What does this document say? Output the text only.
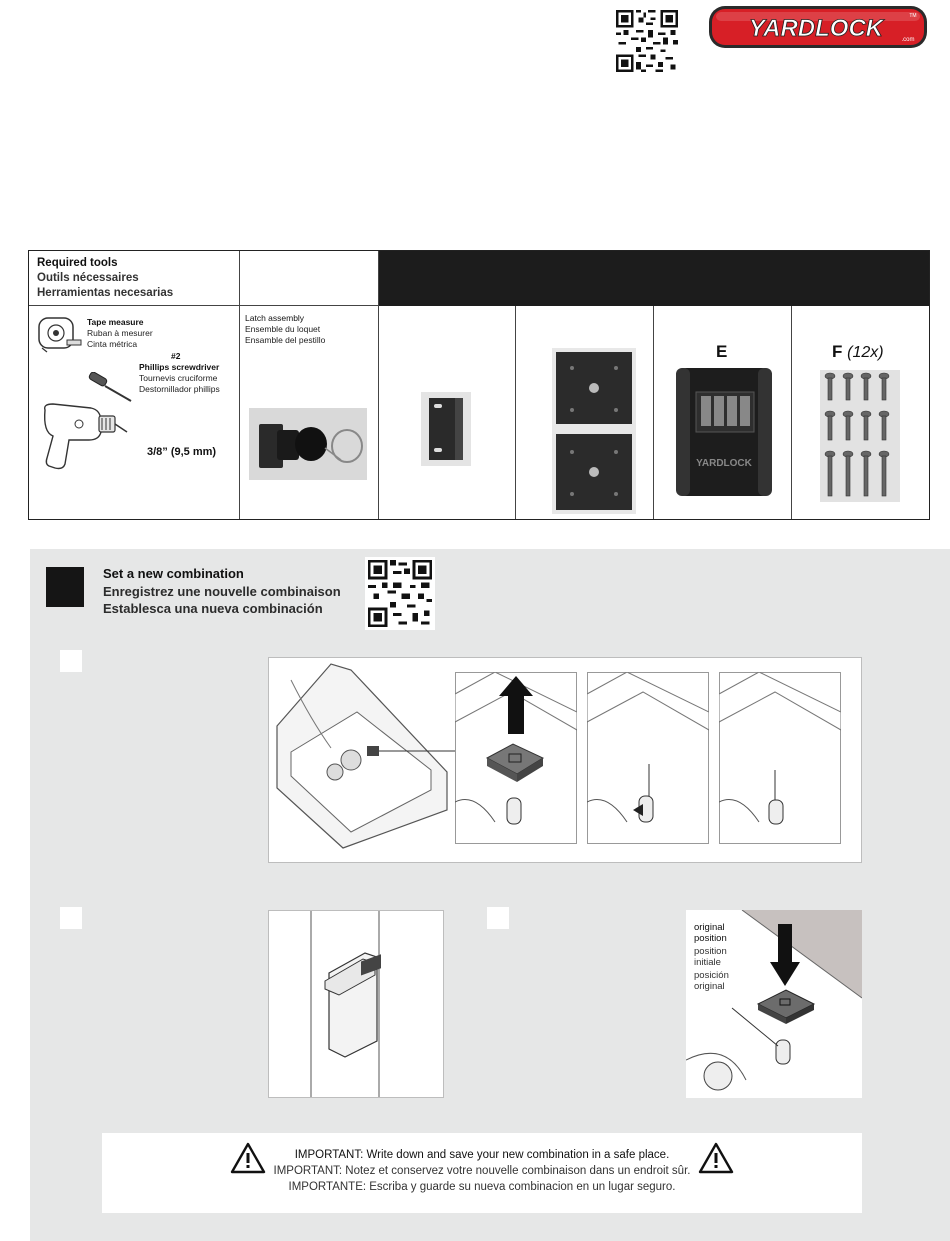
YARDLOCK	.com
TM
Required tools
Outils nécessaires
Herramientas necesarias
Tape measure
Ruban à mesurer
Cinta métrica
#2
Phillips screwdriver
Tournevis cruciforme
Destornillador phillips
3/8” (9,5 mm)
Latch assembly
Ensemble du loquet
Ensamble del pestillo
E
YARDLOCK
F (12x)
Set a new combination
Enregistrez une nouvelle combinaison
Establesca una nueva combinación
original position
position initiale
posición original
IMPORTANT: Write down and save your new combination in a safe place.
IMPORTANT: Notez et conservez votre nouvelle combinaison dans un endroit sûr.
IMPORTANTE: Escriba y guarde su nueva combinacion en un lugar seguro.
